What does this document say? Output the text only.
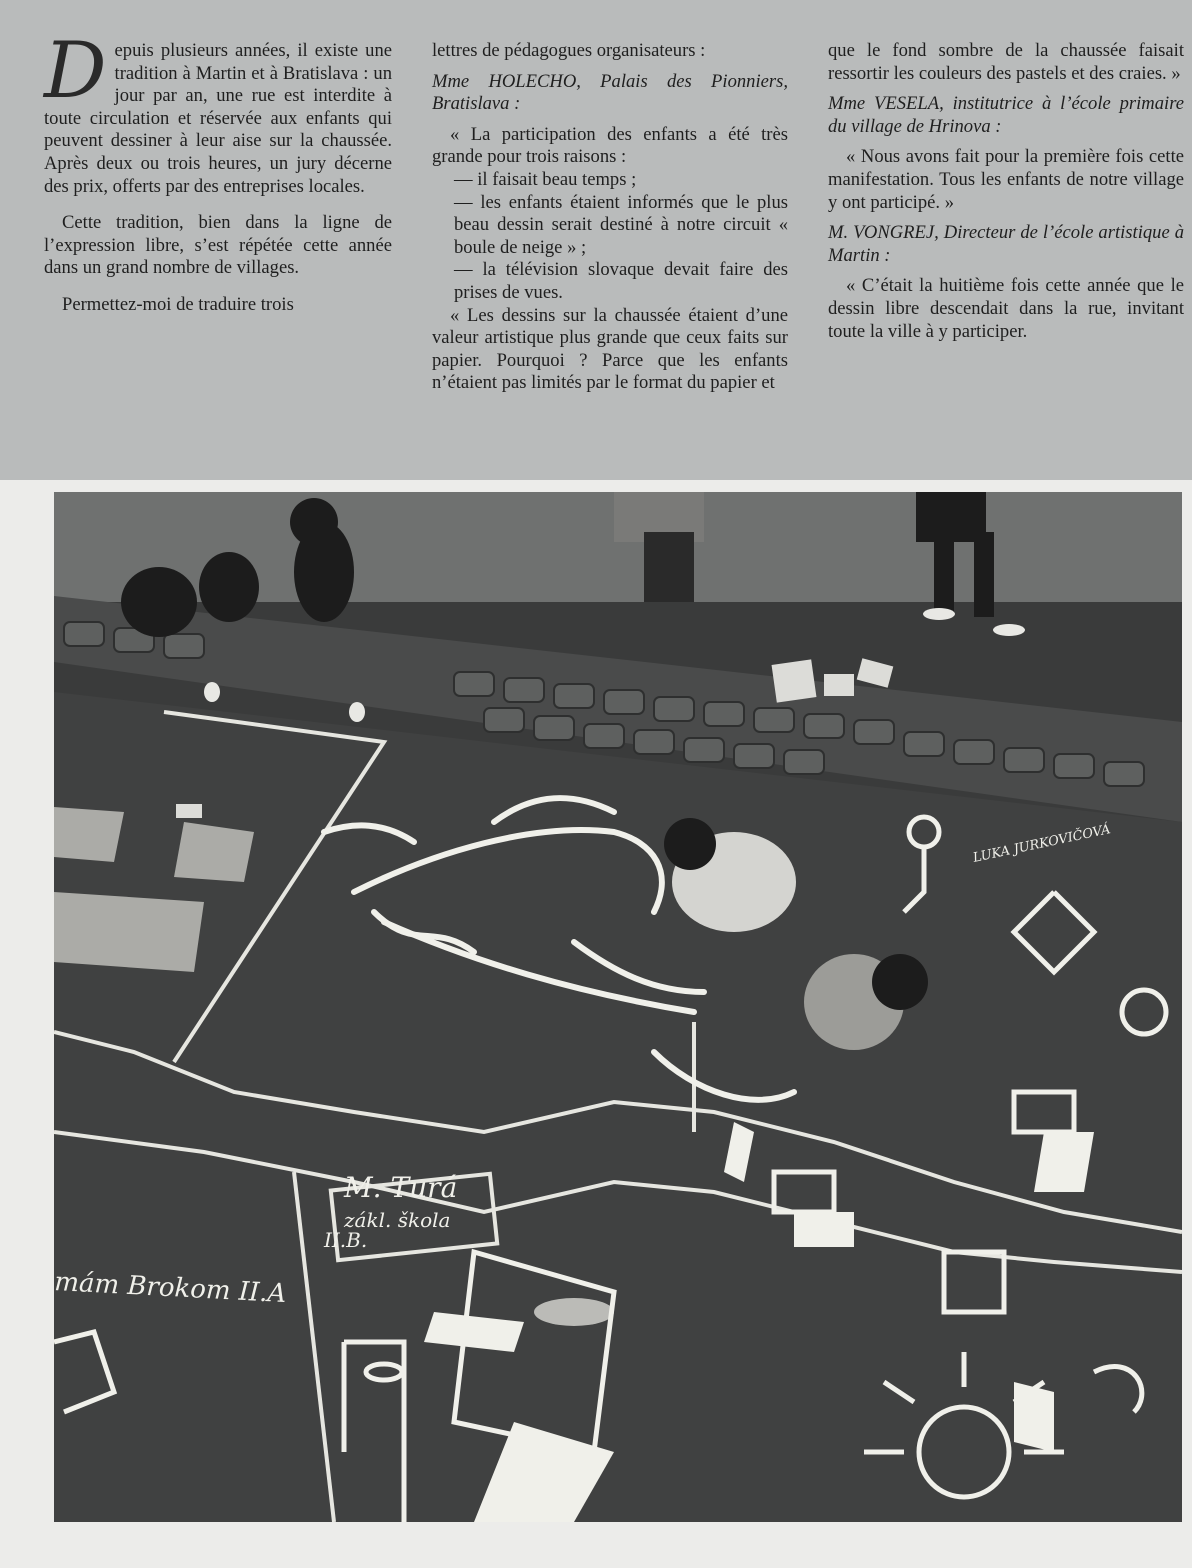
Depuis plusieurs années, il existe une tradition à Martin et à Bratislava : un jour par an, une rue est interdite à toute circulation et réservée aux enfants qui peuvent dessiner à leur aise sur la chaussée. Après deux ou trois heures, un jury décerne des prix, offerts par des entreprises locales.

Cette tradition, bien dans la ligne de l’expression libre, s’est répétée cette année dans un grand nombre de villages.

Permettez-moi de traduire trois

lettres de pédagogues organisateurs :

Mme HOLECHO, Palais des Pionniers, Bratislava :

« La participation des enfants a été très grande pour trois raisons :

— il faisait beau temps ;

— les enfants étaient informés que le plus beau dessin serait destiné à notre circuit « boule de neige » ;

— la télévision slovaque devait faire des prises de vues.

« Les dessins sur la chaussée étaient d’une valeur artistique plus grande que ceux faits sur papier. Pourquoi ? Parce que les enfants n’étaient pas limités par le format du papier et

que le fond sombre de la chaussée faisait ressortir les couleurs des pastels et des craies. »

Mme VESELA, institutrice à l’école primaire du village de Hrinova :

« Nous avons fait pour la première fois cette manifestation. Tous les enfants de notre village y ont participé. »

M. VONGREJ, Directeur de l’école artistique à Martin :

« C’était la huitième fois cette année que le dessin libre descendait dans la rue, invitant toute la ville à y participer.

M. Turá
zákl. škola
II.B.
mám Brokom II.A
LUKA JURKOVIČOVÁ
